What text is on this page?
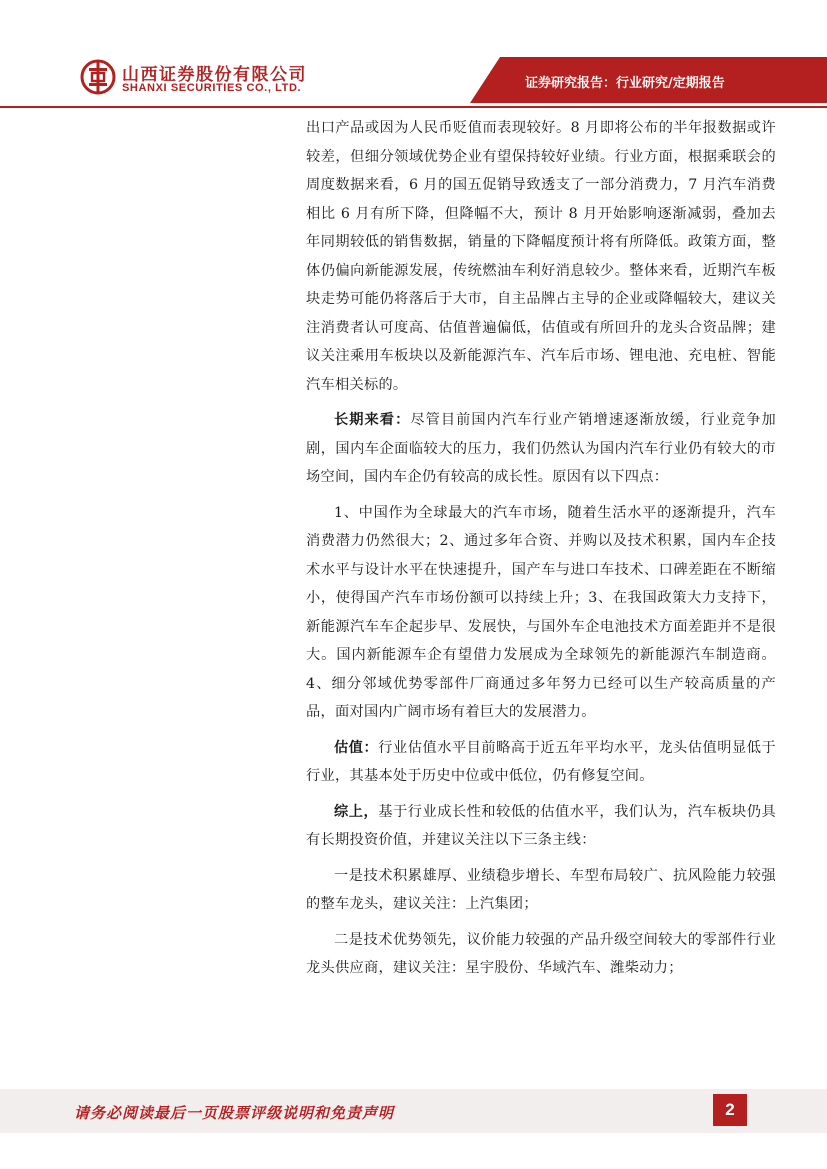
山西证券股份有限公司
SHANXI SECURITIES CO., LTD.	证券研究报告：行业研究/定期报告

出口产品或因为人民币贬值而表现较好。8 月即将公布的半年报数据或许较差，但细分领域优势企业有望保持较好业绩。行业方面，根据乘联会的周度数据来看，6 月的国五促销导致透支了一部分消费力，7 月汽车消费相比 6 月有所下降，但降幅不大，预计 8 月开始影响逐渐减弱，叠加去年同期较低的销售数据，销量的下降幅度预计将有所降低。政策方面，整体仍偏向新能源发展，传统燃油车利好消息较少。整体来看，近期汽车板块走势可能仍将落后于大市，自主品牌占主导的企业或降幅较大，建议关注消费者认可度高、估值普遍偏低，估值或有所回升的龙头合资品牌；建议关注乘用车板块以及新能源汽车、汽车后市场、锂电池、充电桩、智能汽车相关标的。

长期来看：尽管目前国内汽车行业产销增速逐渐放缓，行业竞争加剧，国内车企面临较大的压力，我们仍然认为国内汽车行业仍有较大的市场空间，国内车企仍有较高的成长性。原因有以下四点：

1、中国作为全球最大的汽车市场，随着生活水平的逐渐提升，汽车消费潜力仍然很大；2、通过多年合资、并购以及技术积累，国内车企技术水平与设计水平在快速提升，国产车与进口车技术、口碑差距在不断缩小，使得国产汽车市场份额可以持续上升；3、在我国政策大力支持下，新能源汽车车企起步早、发展快，与国外车企电池技术方面差距并不是很大。国内新能源车企有望借力发展成为全球领先的新能源汽车制造商。 4、细分邻域优势零部件厂商通过多年努力已经可以生产较高质量的产品，面对国内广阔市场有着巨大的发展潜力。

估值：行业估值水平目前略高于近五年平均水平，龙头估值明显低于行业，其基本处于历史中位或中低位，仍有修复空间。

综上，基于行业成长性和较低的估值水平，我们认为，汽车板块仍具有长期投资价值，并建议关注以下三条主线：

一是技术积累雄厚、业绩稳步增长、车型布局较广、抗风险能力较强的整车龙头，建议关注：上汽集团；

二是技术优势领先，议价能力较强的产品升级空间较大的零部件行业龙头供应商，建议关注：星宇股份、华域汽车、潍柴动力；

请务必阅读最后一页股票评级说明和免责声明	2
